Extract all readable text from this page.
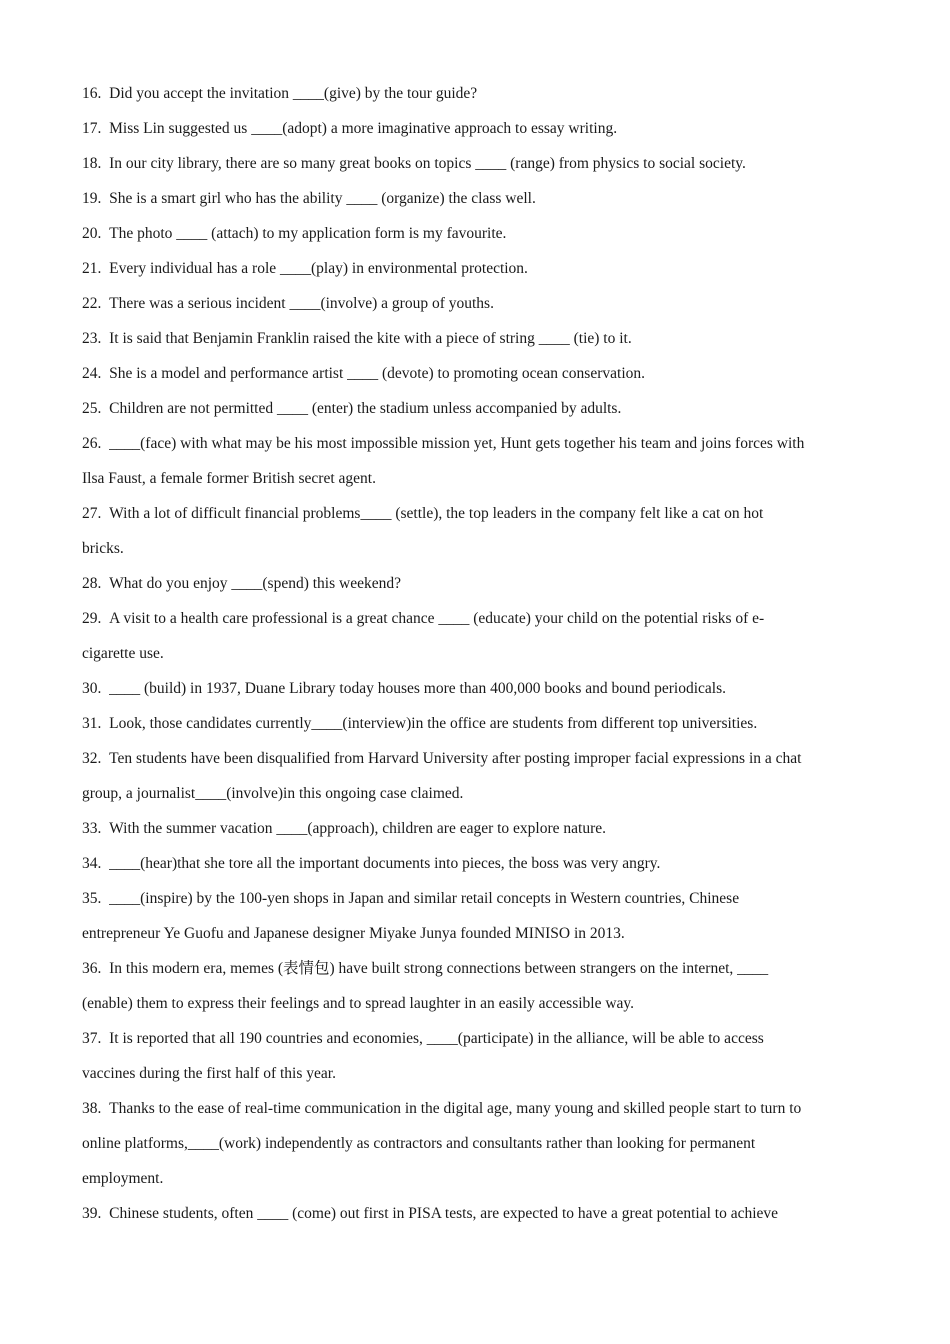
16.  Did you accept the invitation ____(give) by the tour guide?
17.  Miss Lin suggested us ____(adopt) a more imaginative approach to essay writing.
18.  In our city library, there are so many great books on topics ____ (range) from physics to social society.
19.  She is a smart girl who has the ability ____ (organize) the class well.
20.  The photo ____ (attach) to my application form is my favourite.
21.  Every individual has a role ____(play) in environmental protection.
22.  There was a serious incident ____(involve) a group of youths.
23.  It is said that Benjamin Franklin raised the kite with a piece of string ____ (tie) to it.
24.  She is a model and performance artist ____ (devote) to promoting ocean conservation.
25.  Children are not permitted ____ (enter) the stadium unless accompanied by adults.
26.  ____(face) with what may be his most impossible mission yet, Hunt gets together his team and joins forces with
Ilsa Faust, a female former British secret agent.
27.  With a lot of difficult financial problems____ (settle), the top leaders in the company felt like a cat on hot
bricks.
28.  What do you enjoy ____(spend) this weekend?
29.  A visit to a health care professional is a great chance ____ (educate) your child on the potential risks of e-
cigarette use.
30.  ____ (build) in 1937, Duane Library today houses more than 400,000 books and bound periodicals.
31.  Look, those candidates currently____(interview)in the office are students from different top universities.
32.  Ten students have been disqualified from Harvard University after posting improper facial expressions in a chat
group, a journalist____(involve)in this ongoing case claimed.
33.  With the summer vacation ____(approach), children are eager to explore nature.
34.  ____(hear)that she tore all the important documents into pieces, the boss was very angry.
35.  ____(inspire) by the 100-yen shops in Japan and similar retail concepts in Western countries, Chinese
entrepreneur Ye Guofu and Japanese designer Miyake Junya founded MINISO in 2013.
36.  In this modern era, memes (表情包) have built strong connections between strangers on the internet, ____
(enable) them to express their feelings and to spread laughter in an easily accessible way.
37.  It is reported that all 190 countries and economies, ____(participate) in the alliance, will be able to access
vaccines during the first half of this year.
38.  Thanks to the ease of real-time communication in the digital age, many young and skilled people start to turn to
online platforms,____(work) independently as contractors and consultants rather than looking for permanent
employment.
39.  Chinese students, often ____ (come) out first in PISA tests, are expected to have a great potential to achieve
